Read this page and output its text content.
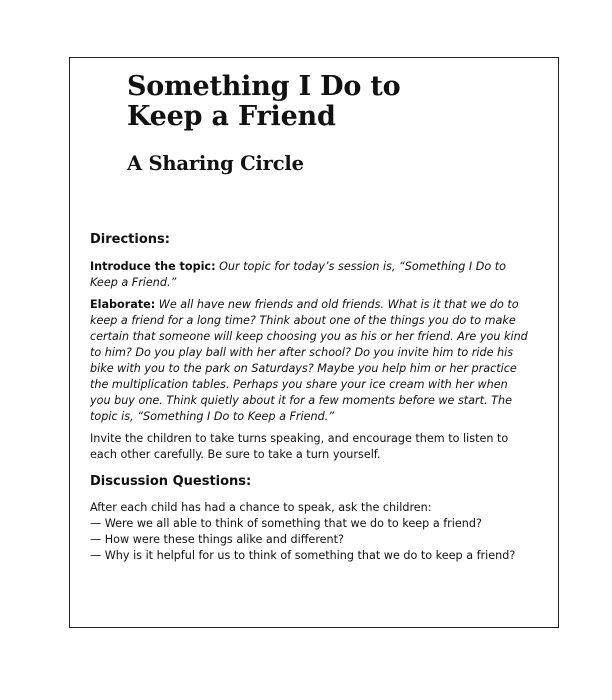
Something I Do to
Keep a Friend
A Sharing Circle

Directions:

Introduce the topic: Our topic for today’s session is, “Something I Do to Keep a Friend.”

Elaborate: We all have new friends and old friends. What is it that we do to keep a friend for a long time? Think about one of the things you do to make certain that someone will keep choosing you as his or her friend. Are you kind to him? Do you play ball with her after school? Do you invite him to ride his bike with you to the park on Saturdays? Maybe you help him or her practice the multiplication tables. Perhaps you share your ice cream with her when you buy one. Think quietly about it for a few moments before we start. The topic is, “Something I Do to Keep a Friend.”

Invite the children to take turns speaking, and encourage them to listen to each other carefully. Be sure to take a turn yourself.

Discussion Questions:

After each child has had a chance to speak, ask the children:
— Were we all able to think of something that we do to keep a friend?
— How were these things alike and different?
— Why is it helpful for us to think of something that we do to keep a friend?
